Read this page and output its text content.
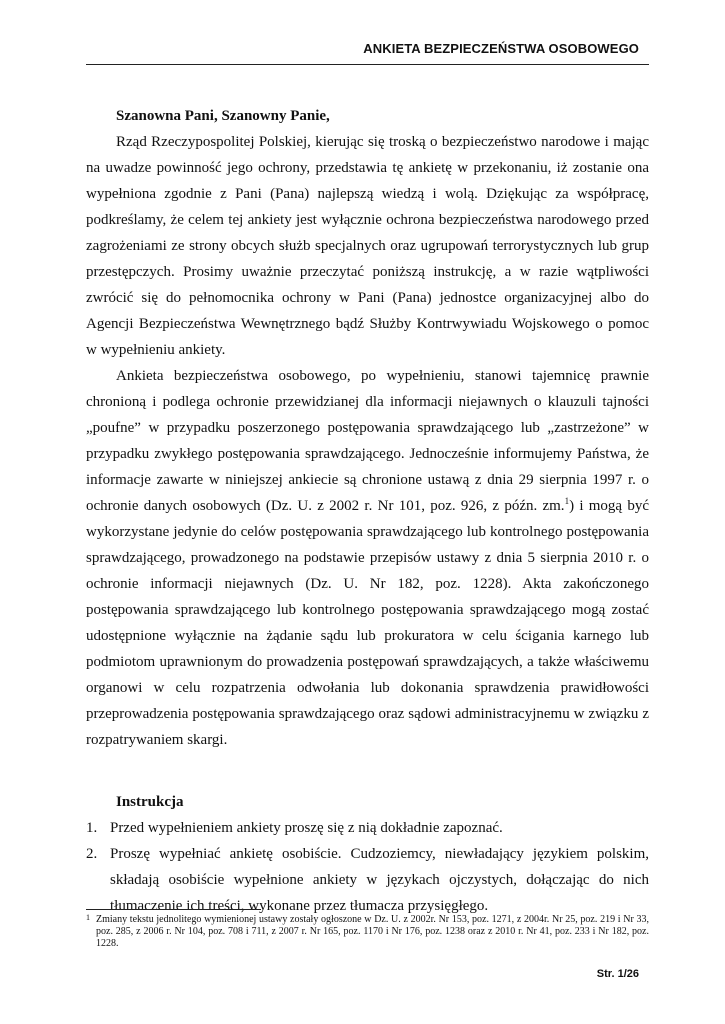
ANKIETA BEZPIECZEŃSTWA OSOBOWEGO

Szanowna Pani, Szanowny Panie,

Rząd Rzeczypospolitej Polskiej, kierując się troską o bezpieczeństwo narodowe i mając na uwadze powinność jego ochrony, przedstawia tę ankietę w przekonaniu, iż zostanie ona wypełniona zgodnie z Pani (Pana) najlepszą wiedzą i wolą. Dziękując za współpracę, podkreślamy, że celem tej ankiety jest wyłącznie ochrona bezpieczeństwa narodowego przed zagrożeniami ze strony obcych służb specjalnych oraz ugrupowań terrorystycznych lub grup przestępczych. Prosimy uważnie przeczytać poniższą instrukcję, a w razie wątpliwości zwrócić się do pełnomocnika ochrony w Pani (Pana) jednostce organizacyjnej albo do Agencji Bezpieczeństwa Wewnętrznego bądź Służby Kontrwywiadu Wojskowego o pomoc w wypełnieniu ankiety.

Ankieta bezpieczeństwa osobowego, po wypełnieniu, stanowi tajemnicę prawnie chronioną i podlega ochronie przewidzianej dla informacji niejawnych o klauzuli tajności „poufne” w przypadku poszerzonego postępowania sprawdzającego lub „zastrzeżone” w przypadku zwykłego postępowania sprawdzającego. Jednocześnie informujemy Państwa, że informacje zawarte w niniejszej ankiecie są chronione ustawą z dnia 29 sierpnia 1997 r. o ochronie danych osobowych (Dz. U. z 2002 r. Nr 101, poz. 926, z późn. zm.$^1$) i mogą być wykorzystane jedynie do celów postępowania sprawdzającego lub kontrolnego postępowania sprawdzającego, prowadzonego na podstawie przepisów ustawy z dnia 5 sierpnia 2010 r. o ochronie informacji niejawnych (Dz. U. Nr 182, poz. 1228). Akta zakończonego postępowania sprawdzającego lub kontrolnego postępowania sprawdzającego mogą zostać udostępnione wyłącznie na żądanie sądu lub prokuratora w celu ścigania karnego lub podmiotom uprawnionym do prowadzenia postępowań sprawdzających, a także właściwemu organowi w celu rozpatrzenia odwołania lub dokonania sprawdzenia prawidłowości przeprowadzenia postępowania sprawdzającego oraz sądowi administracyjnemu w związku z rozpatrywaniem skargi.

Instrukcja

1. Przed wypełnieniem ankiety proszę się z nią dokładnie zapoznać.
2. Proszę wypełniać ankietę osobiście. Cudzoziemcy, niewładający językiem polskim, składają osobiście wypełnione ankiety w językach ojczystych, dołączając do nich tłumaczenie ich treści, wykonane przez tłumacza przysięgłego.
1 Zmiany tekstu jednolitego wymienionej ustawy zostały ogłoszone w Dz. U. z 2002r. Nr 153, poz. 1271, z 2004r. Nr 25, poz. 219 i Nr 33, poz. 285, z 2006 r. Nr 104, poz. 708 i 711, z 2007 r. Nr 165, poz. 1170 i Nr 176, poz. 1238 oraz z 2010 r. Nr 41, poz. 233 i Nr 182, poz. 1228.
Str. 1/26
